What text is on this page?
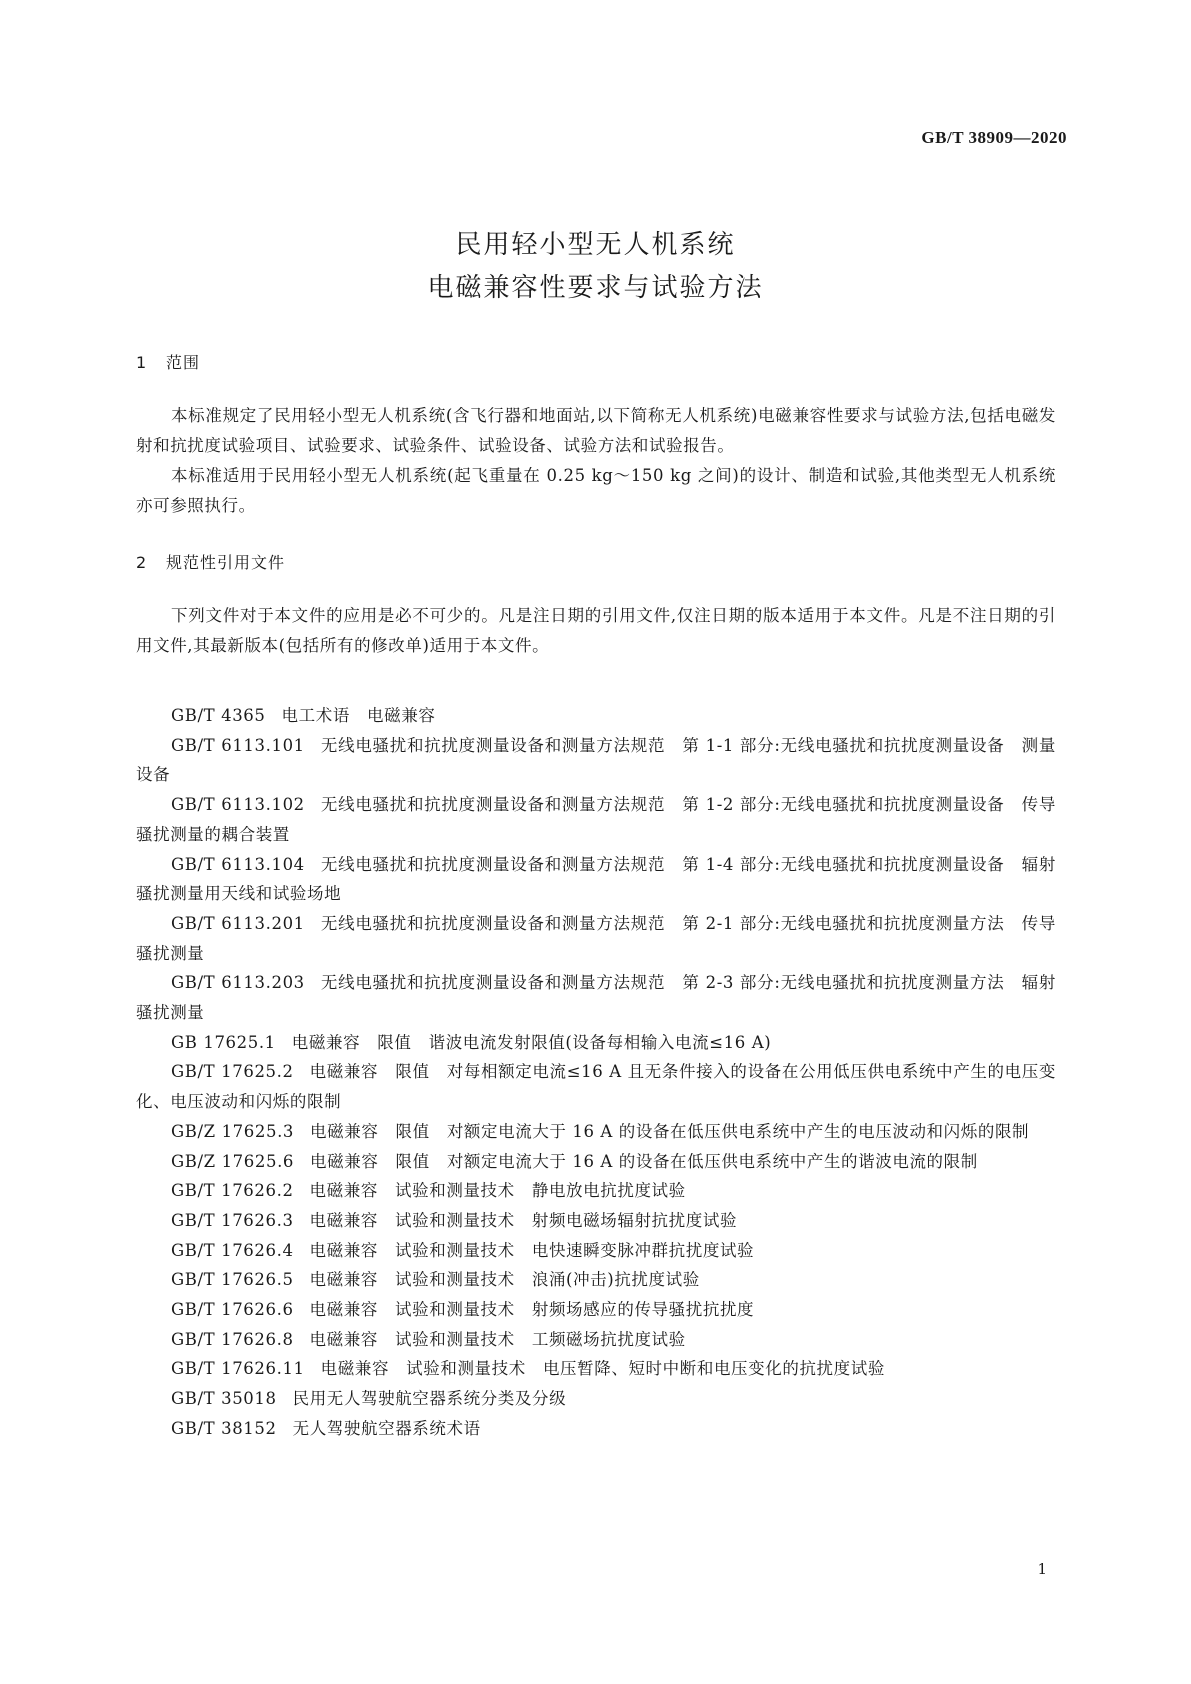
GB/T 38909—2020
民用轻小型无人机系统
电磁兼容性要求与试验方法
1 范围
本标准规定了民用轻小型无人机系统(含飞行器和地面站,以下简称无人机系统)电磁兼容性要求与试验方法,包括电磁发射和抗扰度试验项目、试验要求、试验条件、试验设备、试验方法和试验报告。
本标准适用于民用轻小型无人机系统(起飞重量在 0.25 kg～150 kg 之间)的设计、制造和试验,其他类型无人机系统亦可参照执行。
2 规范性引用文件
下列文件对于本文件的应用是必不可少的。凡是注日期的引用文件,仅注日期的版本适用于本文件。凡是不注日期的引用文件,其最新版本(包括所有的修改单)适用于本文件。
GB/T 4365 电工术语　电磁兼容
GB/T 6113.101 无线电骚扰和抗扰度测量设备和测量方法规范　第 1-1 部分:无线电骚扰和抗扰度测量设备　测量设备
GB/T 6113.102 无线电骚扰和抗扰度测量设备和测量方法规范　第 1-2 部分:无线电骚扰和抗扰度测量设备　传导骚扰测量的耦合装置
GB/T 6113.104 无线电骚扰和抗扰度测量设备和测量方法规范　第 1-4 部分:无线电骚扰和抗扰度测量设备　辐射骚扰测量用天线和试验场地
GB/T 6113.201 无线电骚扰和抗扰度测量设备和测量方法规范　第 2-1 部分:无线电骚扰和抗扰度测量方法　传导骚扰测量
GB/T 6113.203 无线电骚扰和抗扰度测量设备和测量方法规范　第 2-3 部分:无线电骚扰和抗扰度测量方法　辐射骚扰测量
GB 17625.1 电磁兼容　限值　谐波电流发射限值(设备每相输入电流≤16 A)
GB/T 17625.2 电磁兼容　限值　对每相额定电流≤16 A 且无条件接入的设备在公用低压供电系统中产生的电压变化、电压波动和闪烁的限制
GB/Z 17625.3 电磁兼容　限值　对额定电流大于 16 A 的设备在低压供电系统中产生的电压波动和闪烁的限制
GB/Z 17625.6 电磁兼容　限值　对额定电流大于 16 A 的设备在低压供电系统中产生的谐波电流的限制
GB/T 17626.2 电磁兼容　试验和测量技术　静电放电抗扰度试验
GB/T 17626.3 电磁兼容　试验和测量技术　射频电磁场辐射抗扰度试验
GB/T 17626.4 电磁兼容　试验和测量技术　电快速瞬变脉冲群抗扰度试验
GB/T 17626.5 电磁兼容　试验和测量技术　浪涌(冲击)抗扰度试验
GB/T 17626.6 电磁兼容　试验和测量技术　射频场感应的传导骚扰抗扰度
GB/T 17626.8 电磁兼容　试验和测量技术　工频磁场抗扰度试验
GB/T 17626.11 电磁兼容　试验和测量技术　电压暂降、短时中断和电压变化的抗扰度试验
GB/T 35018 民用无人驾驶航空器系统分类及分级
GB/T 38152 无人驾驶航空器系统术语
1
